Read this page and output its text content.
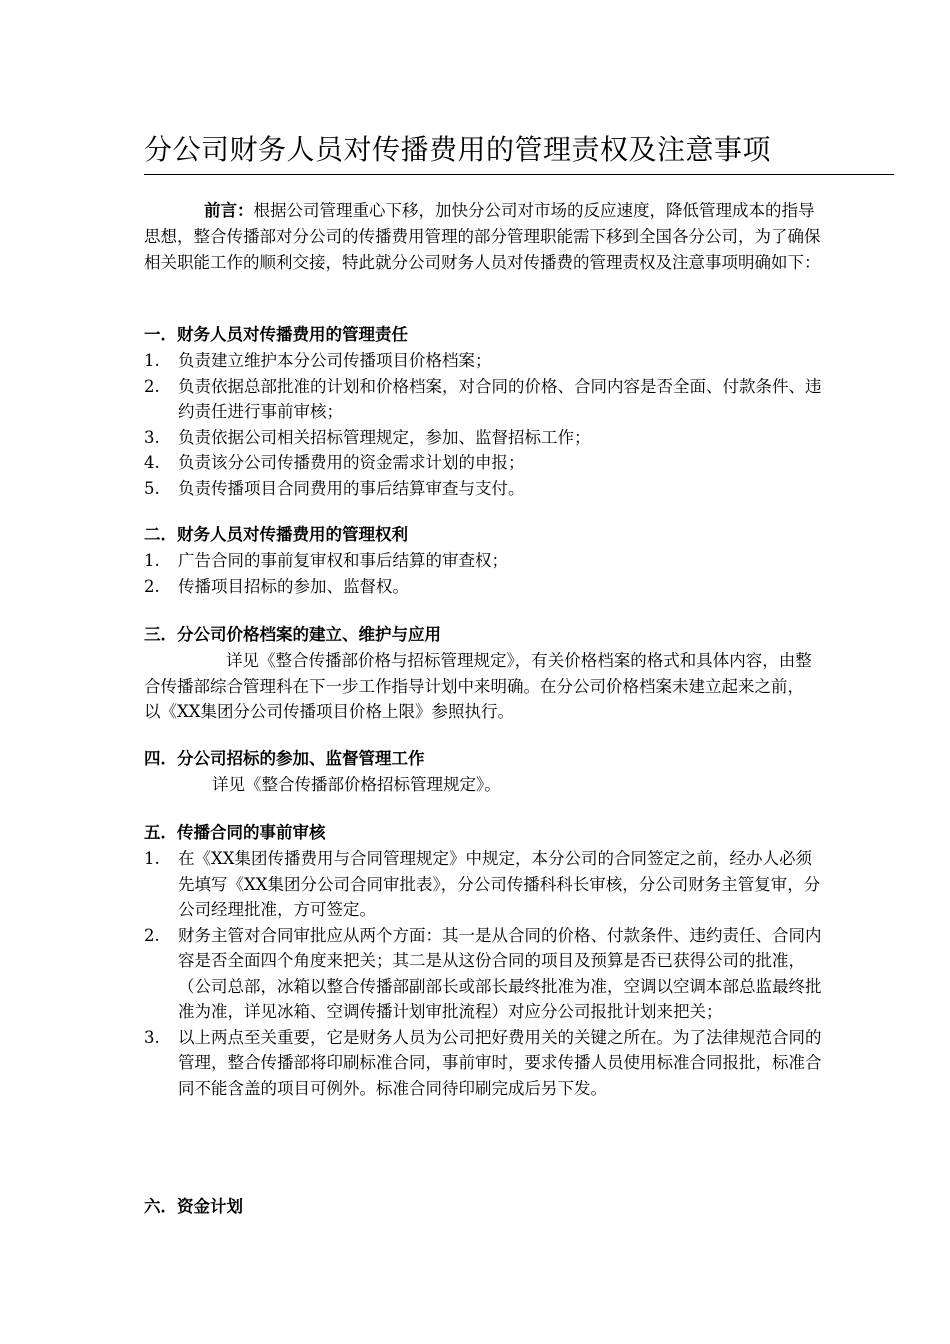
分公司财务人员对传播费用的管理责权及注意事项
前言：根据公司管理重心下移，加快分公司对市场的反应速度，降低管理成本的指导思想，整合传播部对分公司的传播费用管理的部分管理职能需下移到全国各分公司，为了确保相关职能工作的顺利交接，特此就分公司财务人员对传播费的管理责权及注意事项明确如下：
一．财务人员对传播费用的管理责任
1. 负责建立维护本分公司传播项目价格档案；
2. 负责依据总部批准的计划和价格档案，对合同的价格、合同内容是否全面、付款条件、违约责任进行事前审核；
3. 负责依据公司相关招标管理规定，参加、监督招标工作；
4. 负责该分公司传播费用的资金需求计划的申报；
5. 负责传播项目合同费用的事后结算审查与支付。
二．财务人员对传播费用的管理权利
1. 广告合同的事前复审权和事后结算的审查权；
2. 传播项目招标的参加、监督权。
三．分公司价格档案的建立、维护与应用
详见《整合传播部价格与招标管理规定》，有关价格档案的格式和具体内容，由整合传播部综合管理科在下一步工作指导计划中来明确。在分公司价格档案未建立起来之前，以《XX集团分公司传播项目价格上限》参照执行。
四．分公司招标的参加、监督管理工作
详见《整合传播部价格招标管理规定》。
五．传播合同的事前审核
1. 在《XX集团传播费用与合同管理规定》中规定，本分公司的合同签定之前，经办人必须先填写《XX集团分公司合同审批表》，分公司传播科科长审核，分公司财务主管复审，分公司经理批准，方可签定。
2. 财务主管对合同审批应从两个方面：其一是从合同的价格、付款条件、违约责任、合同内容是否全面四个角度来把关；其二是从这份合同的项目及预算是否已获得公司的批准，（公司总部，冰箱以整合传播部副部长或部长最终批准为准，空调以空调本部总监最终批准为准，详见冰箱、空调传播计划审批流程）对应分公司报批计划来把关；
3. 以上两点至关重要，它是财务人员为公司把好费用关的关键之所在。为了法律规范合同的管理，整合传播部将印刷标准合同，事前审时，要求传播人员使用标准合同报批，标准合同不能含盖的项目可例外。标准合同待印刷完成后另下发。
六．资金计划
